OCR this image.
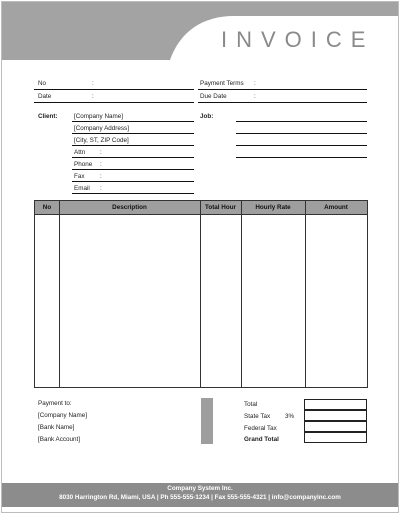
INVOICE
No	:
Date	:
Payment Terms :
Due Date	:
Client:	[Company Name]
[Company Address]
[City, ST, ZIP Code]
Attn :
Phone :
Fax :
Email :
Job:
No	Description	Total Hour	Hourly Rate	Amount
Payment to:
[Company Name]
[Bank Name]
[Bank Account]
Total
State Tax 3%
Federal Tax
Grand Total
Company System Inc.
8030 Harrington Rd, Miami, USA | Ph 555-555-1234 | Fax 555-555-4321 | info@companyinc.com
